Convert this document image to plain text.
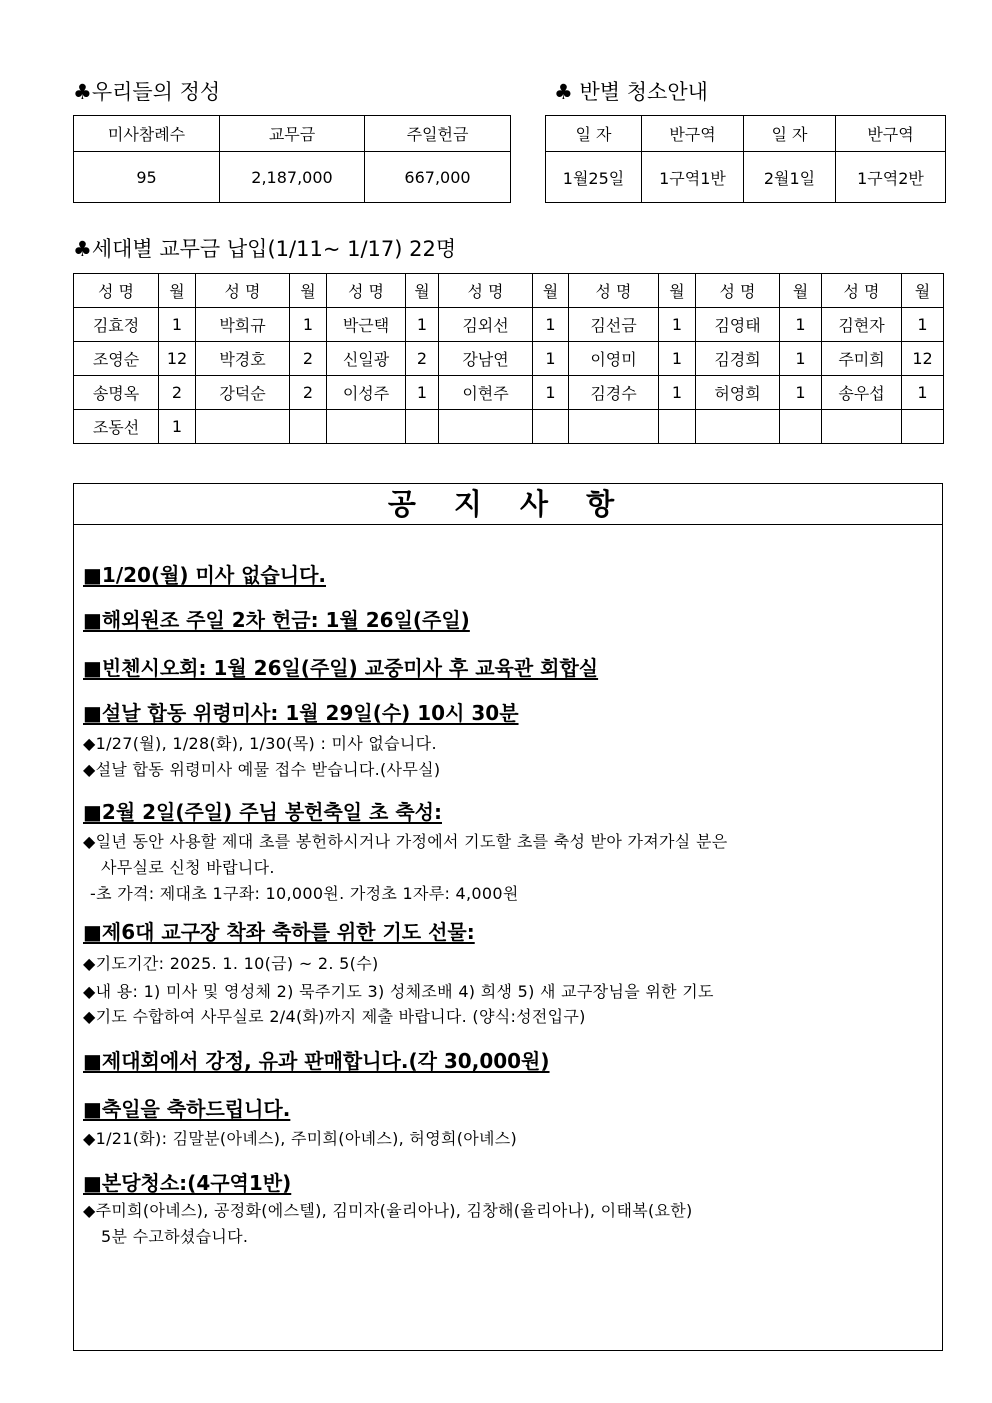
♣우리들의 정성
미사참례수	교무금	주일헌금
95	2,187,000	667,000
♣ 반별 청소안내
일 자	반구역	일 자	반구역
1월25일	1구역1반	2월1일	1구역2반
♣세대별 교무금 납입(1/11~ 1/17) 22명
성 명	월	성 명	월	성 명	월	성 명	월	성 명	월	성 명	월	성 명	월
김효정	1	박희규	1	박근택	1	김외선	1	김선금	1	김영태	1	김현자	1
조영순	12	박경호	2	신일광	2	강남연	1	이영미	1	김경희	1	주미희	12
송명옥	2	강덕순	2	이성주	1	이현주	1	김경수	1	허영희	1	송우섭	1
조동선	1												
공 지 사 항
■1/20(월) 미사 없습니다.
■해외원조 주일 2차 헌금: 1월 26일(주일)
■빈첸시오회: 1월 26일(주일) 교중미사 후 교육관 회합실
■설날 합동 위령미사: 1월 29일(수) 10시 30분
◆1/27(월), 1/28(화), 1/30(목) : 미사 없습니다.
◆설날 합동 위령미사 예물 접수 받습니다.(사무실)
■2월 2일(주일) 주님 봉헌축일 초 축성:
◆일년 동안 사용할 제대 초를 봉헌하시거나 가정에서 기도할 초를 축성 받아 가져가실 분은
사무실로 신청 바랍니다.
-초 가격: 제대초 1구좌: 10,000원. 가정초 1자루: 4,000원
■제6대 교구장 착좌 축하를 위한 기도 선물:
◆기도기간: 2025. 1. 10(금) ~ 2. 5(수)
◆내 용: 1) 미사 및 영성체 2) 묵주기도 3) 성체조배 4) 희생 5) 새 교구장님을 위한 기도
◆기도 수합하여 사무실로 2/4(화)까지 제출 바랍니다. (양식:성전입구)
■제대회에서 강정, 유과 판매합니다.(각 30,000원)
■축일을 축하드립니다.
◆1/21(화): 김말분(아녜스), 주미희(아녜스), 허영희(아녜스)
■본당청소:(4구역1반)
◆주미희(아녜스), 공정화(에스텔), 김미자(율리아나), 김창해(율리아나), 이태복(요한)
5분 수고하셨습니다.
